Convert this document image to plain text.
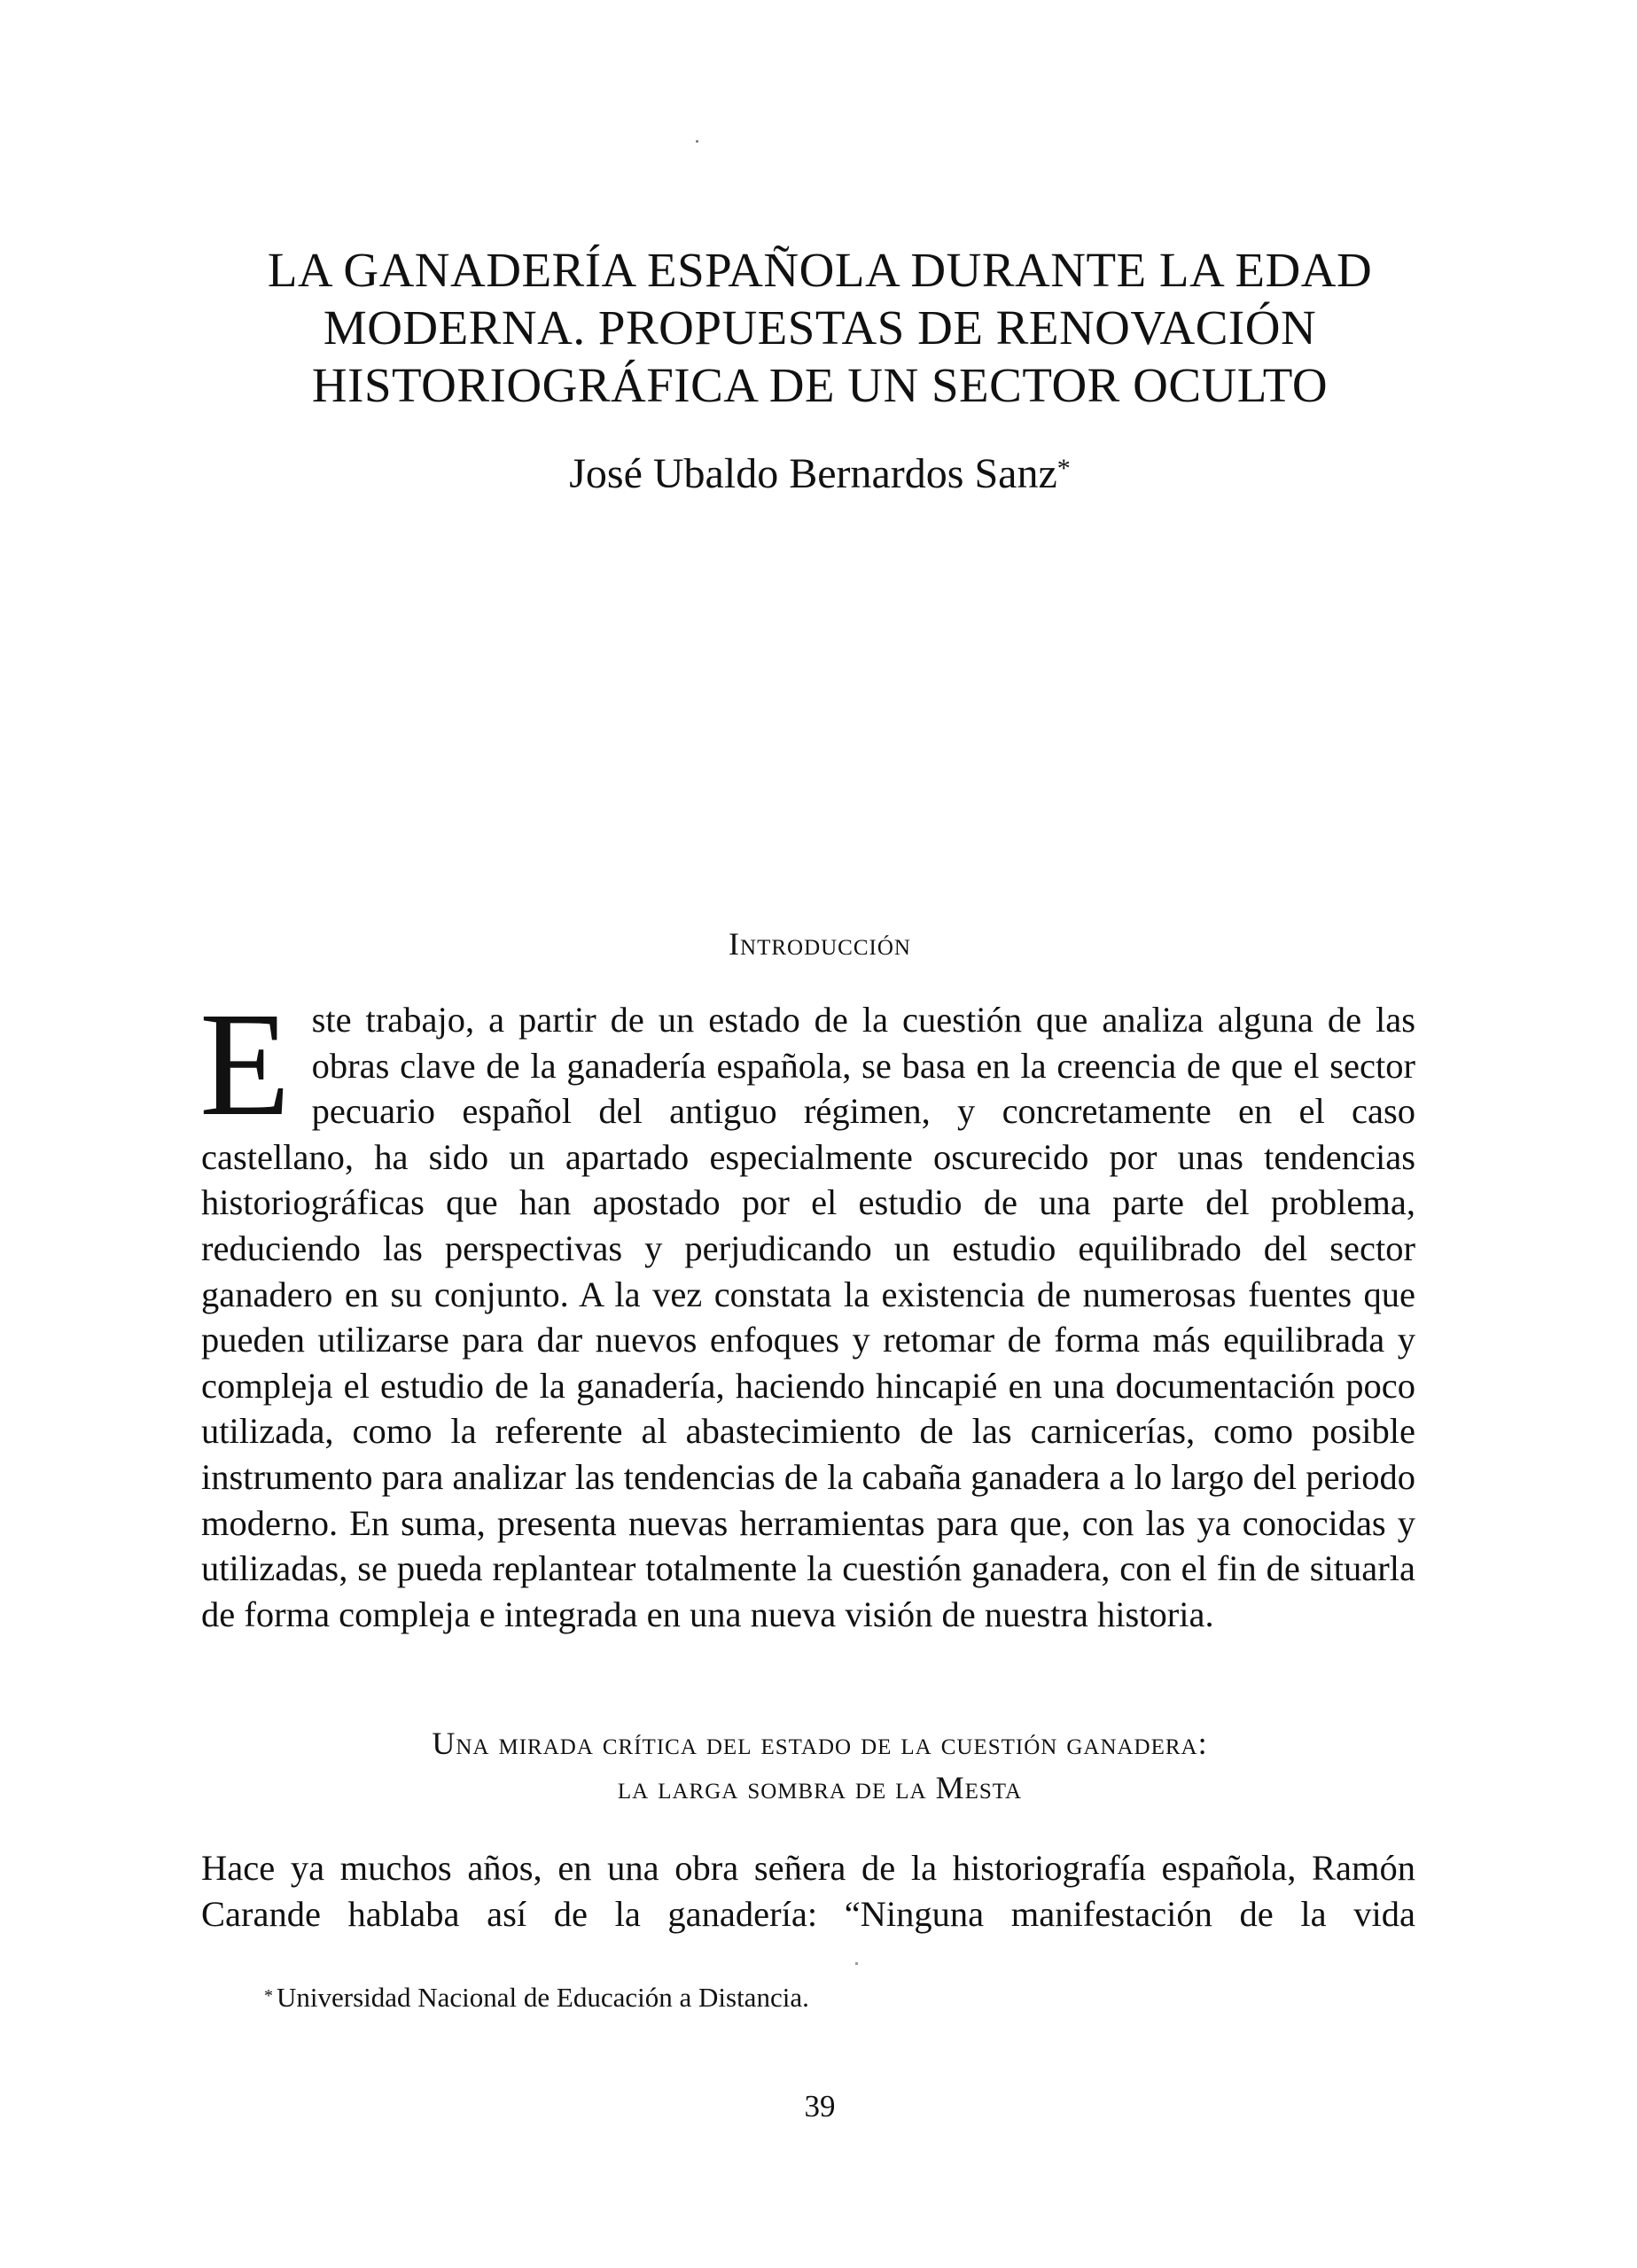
LA GANADERÍA ESPAÑOLA DURANTE LA EDAD
MODERNA. PROPUESTAS DE RENOVACIÓN
HISTORIOGRÁFICA DE UN SECTOR OCULTO
José Ubaldo Bernardos Sanz*
Introducción

Este trabajo, a partir de un estado de la cuestión que analiza alguna de las obras clave de la ganadería española, se basa en la creencia de que el sector pecuario español del antiguo régimen, y concretamente en el caso castellano, ha sido un apartado especialmente oscurecido por unas tendencias historiográficas que han apostado por el estudio de una parte del problema, reduciendo las perspectivas y perjudicando un estudio equilibrado del sector ganadero en su conjunto. A la vez constata la existencia de numerosas fuentes que pueden utilizarse para dar nuevos enfoques y retomar de forma más equilibrada y compleja el estudio de la ganadería, haciendo hincapié en una documentación poco utilizada, como la referente al abastecimiento de las carnicerías, como posible instrumento para analizar las tendencias de la cabaña ganadera a lo largo del periodo moderno. En suma, presenta nuevas herramientas para que, con las ya conocidas y utilizadas, se pueda replantear totalmente la cuestión ganadera, con el fin de situarla de forma compleja e integrada en una nueva visión de nuestra historia.

Una mirada crítica del estado de la cuestión ganadera:
la larga sombra de la Mesta

Hace ya muchos años, en una obra señera de la historiografía española, Ramón Carande hablaba así de la ganadería: “Ninguna manifestación de la vida

* Universidad Nacional de Educación a Distancia.
39
